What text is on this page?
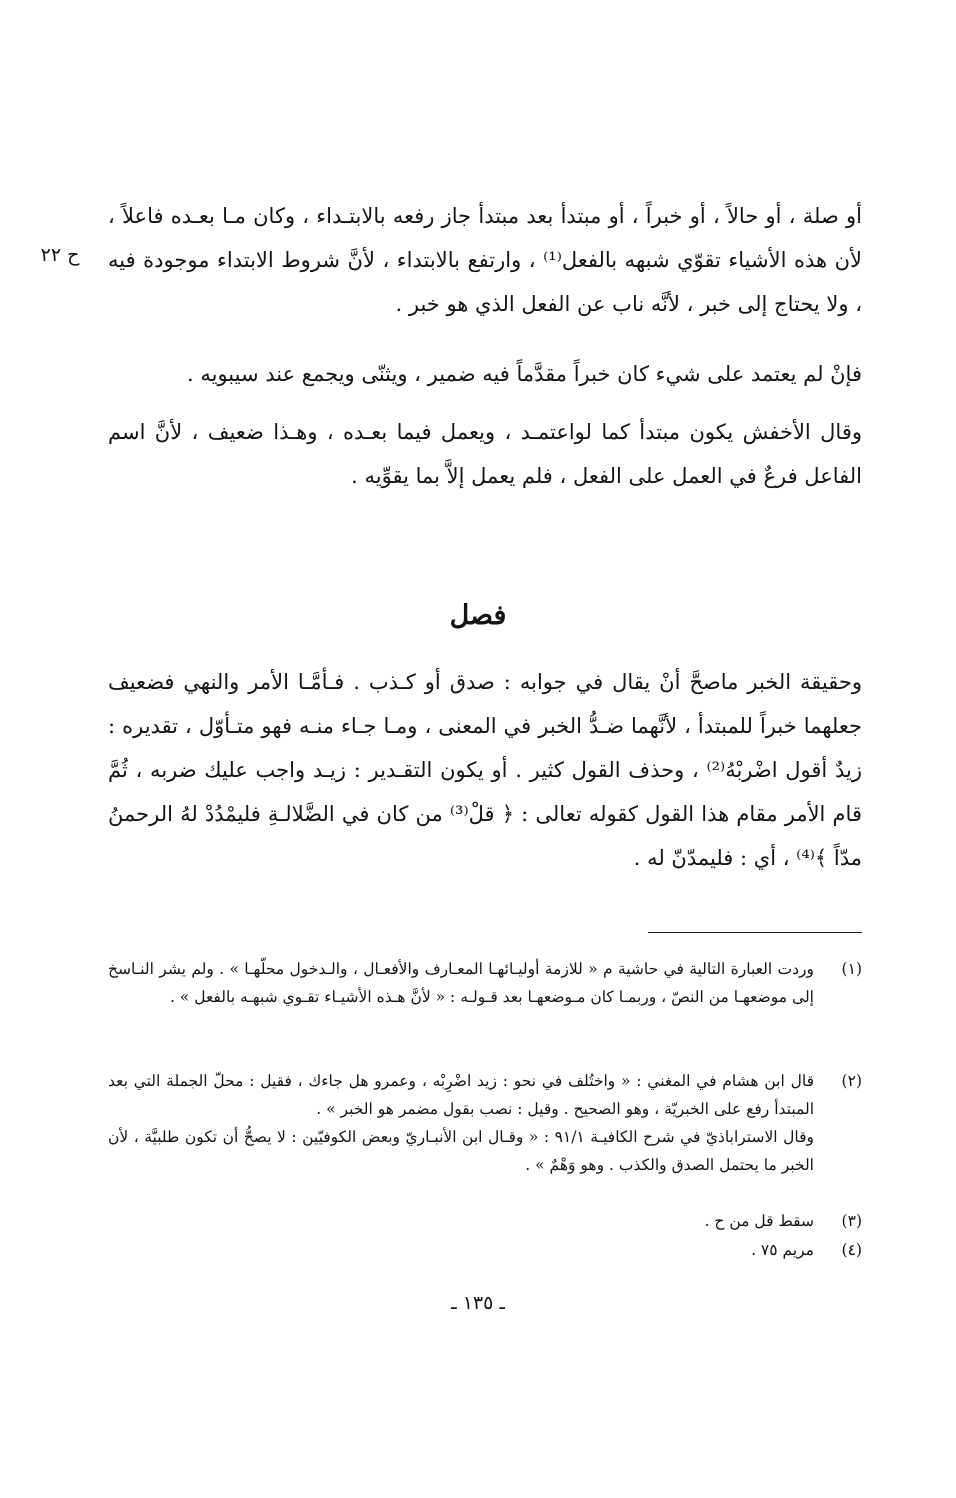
ح ٢٢

أو صلة ، أو حالاً ، أو خبراً ، أو مبتدأ بعد مبتدأ جاز رفعه بالابتـداء ، وكان مـا بعـده فاعلاً ، لأن هذه الأشياء تقوّي شبهه بالفعل⁽¹⁾ ، وارتفع بالابتداء ، لأنَّ شروط الابتداء موجودة فيه ، ولا يحتاج إلى خبر ، لأنَّه ناب عن الفعل الذي هو خبر .

فإنْ لم يعتمد على شيء كان خبراً مقدَّماً فيه ضمير ، ويثنّى ويجمع عند سيبويه .

وقال الأخفش يكون مبتدأ كما لواعتمـد ، ويعمل فيما بعـده ، وهـذا ضعيف ، لأنَّ اسم الفاعل فرعٌ في العمل على الفعل ، فلم يعمل إلاَّ بما يقوِّيه .

فصل

وحقيقة الخبر ماصحَّ أنْ يقال في جوابه : صدق أو كـذب . فـأمَّـا الأمر والنهي فضعيف جعلهما خبراً للمبتدأ ، لأنَّهما ضـدُّ الخبر في المعنى ، ومـا جـاء منـه فهو متـأوّل ، تقديره : زيدٌ أقول اضْربْهُ⁽²⁾ ، وحذف القول كثير . أو يكون التقـدير : زيـد واجب عليك ضربه ، ثُمَّ قام الأمر مقام هذا القول كقوله تعالى : ﴿ قلْ⁽³⁾ من كان في الضَّلالـةِ فليمْدُدْ لهُ الرحمنُ مدّاً ﴾⁽⁴⁾ ، أي : فليمدّنّ له .

(١)
وردت العبارة التالية في حاشية م « للازمة أوليـائهـا المعـارف والأفعـال ، والـدخول محلّهـا » . ولم يشر النـاسخ إلى موضعهـا من النصّ ، وربمـا كان مـوضعهـا بعد قـولـه : « لأنَّ هـذه الأشيـاء تقـوي شبهـه بالفعل » .
(٢)
قال ابن هشام في المغني : « واختُلف في نحو : زيد اضْرِبْه ، وعمرو هل جاءك ، فقيل : محلّ الجملة التي بعد المبتدأ رفع على الخبريّة ، وهو الصحيح . وقيل : نصب بقول مضمر هو الخبر » .
وقال الاستراباذيّ في شرح الكافيـة ٩١/١ : « وقـال ابن الأنبـاريّ وبعض الكوفيّين : لا يصحُّ أن تكون طلبيَّة ، لأن الخبر ما يحتمل الصدق والكذب . وهو وَهْمٌ » .
(٣)
سقط قل من ح .
(٤)
مريم ٧٥ .
ـ ١٣٥ ـ
